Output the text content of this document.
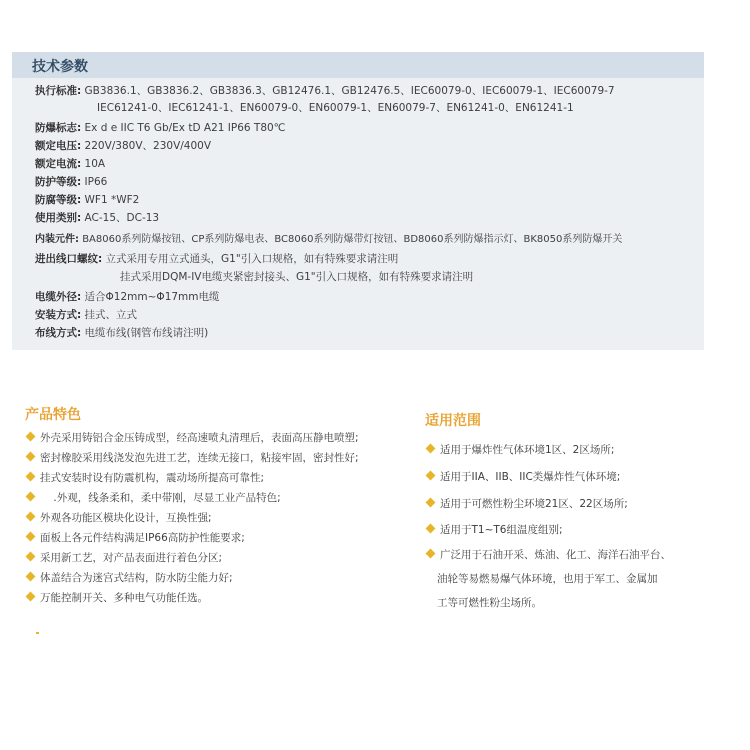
技术参数
执行标准: GB3836.1、GB3836.2、GB3836.3、GB12476.1、GB12476.5、IEC60079-0、IEC60079-1、IEC60079-7
IEC61241-0、IEC61241-1、EN60079-0、EN60079-1、EN60079-7、EN61241-0、EN61241-1
防爆标志: Ex d e IIC T6 Gb/Ex tD A21 IP66 T80℃
额定电压: 220V/380V、230V/400V
额定电流: 10A
防护等级: IP66
防腐等级: WF1 *WF2
使用类别: AC-15、DC-13
内装元件: BA8060系列防爆按钮、CP系列防爆电表、BC8060系列防爆带灯按钮、BD8060系列防爆指示灯、BK8050系列防爆开关
进出线口螺纹: 立式采用专用立式通头，G1"引入口规格，如有特殊要求请注明
挂式采用DQM-IV电缆夹紧密封接头、G1"引入口规格，如有特殊要求请注明
电缆外径: 适合Φ12mm~Φ17mm电缆
安装方式: 挂式、立式
布线方式: 电缆布线(钢管布线请注明)
产品特色
外壳采用铸铝合金压铸成型，经高速喷丸清理后，表面高压静电喷塑;
密封橡胶采用线浇发泡先进工艺，连续无接口，粘接牢固，密封性好;
挂式安装时设有防震机构，震动场所提高可靠性;
.外观，线条柔和，柔中带刚，尽显工业产品特色;
外观各功能区模块化设计，互换性强;
面板上各元件结构满足IP66高防护性能要求;
采用新工艺，对产品表面进行着色分区;
体盖结合为迷宫式结构，防水防尘能力好;
万能控制开关、多种电气功能任选。
适用范围
适用于爆炸性气体环境1区、2区场所;
适用于IIA、IIB、IIC类爆炸性气体环境;
适用于可燃性粉尘环境21区、22区场所;
适用于T1~T6组温度组别;
广泛用于石油开采、炼油、化工、海洋石油平台、
油轮等易燃易爆气体环境，也用于军工、金属加
工等可燃性粉尘场所。
